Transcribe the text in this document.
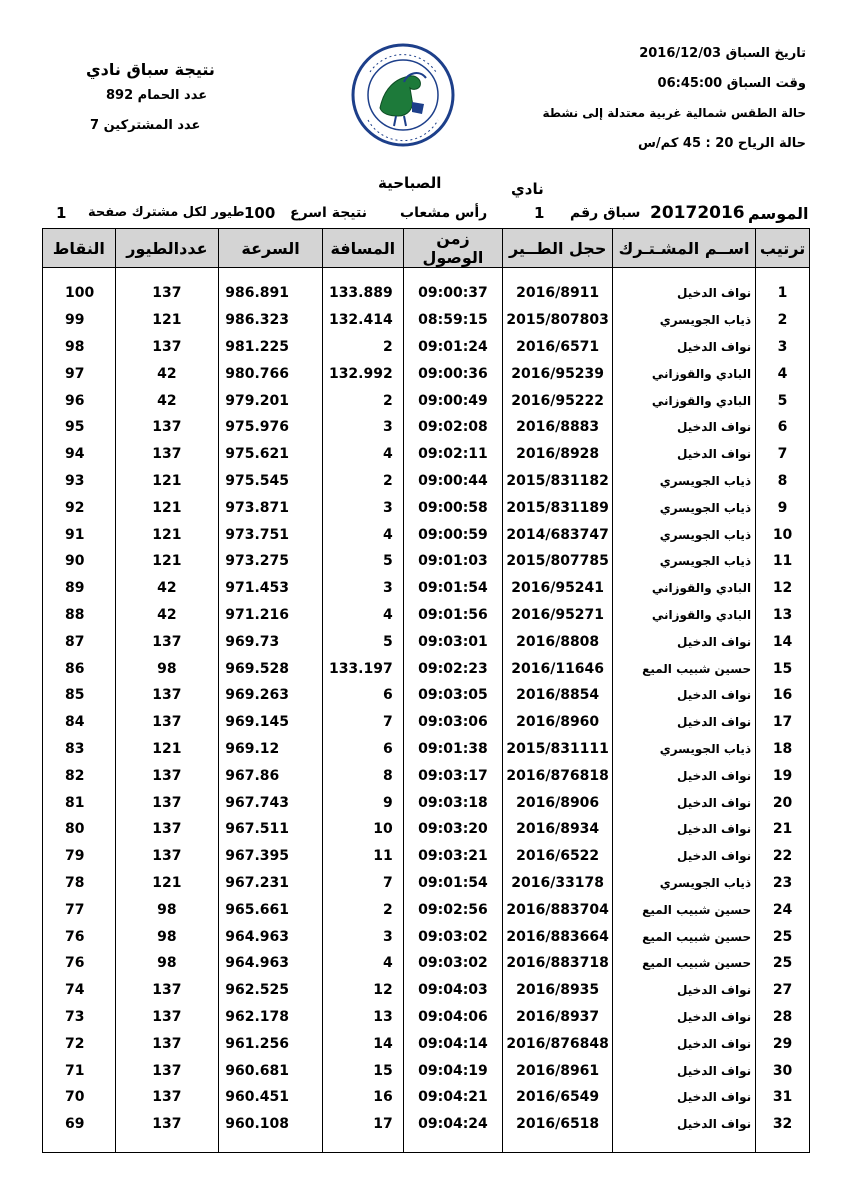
تاريخ السباق 2016/12/03
وقت السباق 06:45:00
حالة الطقس شمالية غربية معتدلة إلى نشطة
حالة الرياح 20 : 45 كم/س
نتيجة سباق نادي
عدد الحمام 892
عدد المشتركين 7
نادي
الصباحية
الموسم
20172016
سباق رقم
1
رأس مشعاب
نتيجة اسرع
100
طيور لكل مشترك صفحة
1
ترتيب	اســم المشـتـرك	حجل الطــير	زمن الوصول	المسافة	السرعة	عددالطيور	النقاط
1	نواف الدخيل	2016/8911	09:00:37	133.889	986.891	137	100
2	ذياب الجويسري	2015/807803	08:59:15	132.414	986.323	121	99
3	نواف الدخيل	2016/6571	09:01:24	2	981.225	137	98
4	البادي والقوزاني	2016/95239	09:00:36	132.992	980.766	42	97
5	البادي والقوزاني	2016/95222	09:00:49	2	979.201	42	96
6	نواف الدخيل	2016/8883	09:02:08	3	975.976	137	95
7	نواف الدخيل	2016/8928	09:02:11	4	975.621	137	94
8	ذياب الجويسري	2015/831182	09:00:44	2	975.545	121	93
9	ذياب الجويسري	2015/831189	09:00:58	3	973.871	121	92
10	ذياب الجويسري	2014/683747	09:00:59	4	973.751	121	91
11	ذياب الجويسري	2015/807785	09:01:03	5	973.275	121	90
12	البادي والقوزاني	2016/95241	09:01:54	3	971.453	42	89
13	البادي والقوزاني	2016/95271	09:01:56	4	971.216	42	88
14	نواف الدخيل	2016/8808	09:03:01	5	969.73	137	87
15	حسين شبيب الميع	2016/11646	09:02:23	133.197	969.528	98	86
16	نواف الدخيل	2016/8854	09:03:05	6	969.263	137	85
17	نواف الدخيل	2016/8960	09:03:06	7	969.145	137	84
18	ذياب الجويسري	2015/831111	09:01:38	6	969.12	121	83
19	نواف الدخيل	2016/876818	09:03:17	8	967.86	137	82
20	نواف الدخيل	2016/8906	09:03:18	9	967.743	137	81
21	نواف الدخيل	2016/8934	09:03:20	10	967.511	137	80
22	نواف الدخيل	2016/6522	09:03:21	11	967.395	137	79
23	ذياب الجويسري	2016/33178	09:01:54	7	967.231	121	78
24	حسين شبيب الميع	2016/883704	09:02:56	2	965.661	98	77
25	حسين شبيب الميع	2016/883664	09:03:02	3	964.963	98	76
25	حسين شبيب الميع	2016/883718	09:03:02	4	964.963	98	76
27	نواف الدخيل	2016/8935	09:04:03	12	962.525	137	74
28	نواف الدخيل	2016/8937	09:04:06	13	962.178	137	73
29	نواف الدخيل	2016/876848	09:04:14	14	961.256	137	72
30	نواف الدخيل	2016/8961	09:04:19	15	960.681	137	71
31	نواف الدخيل	2016/6549	09:04:21	16	960.451	137	70
32	نواف الدخيل	2016/6518	09:04:24	17	960.108	137	69
